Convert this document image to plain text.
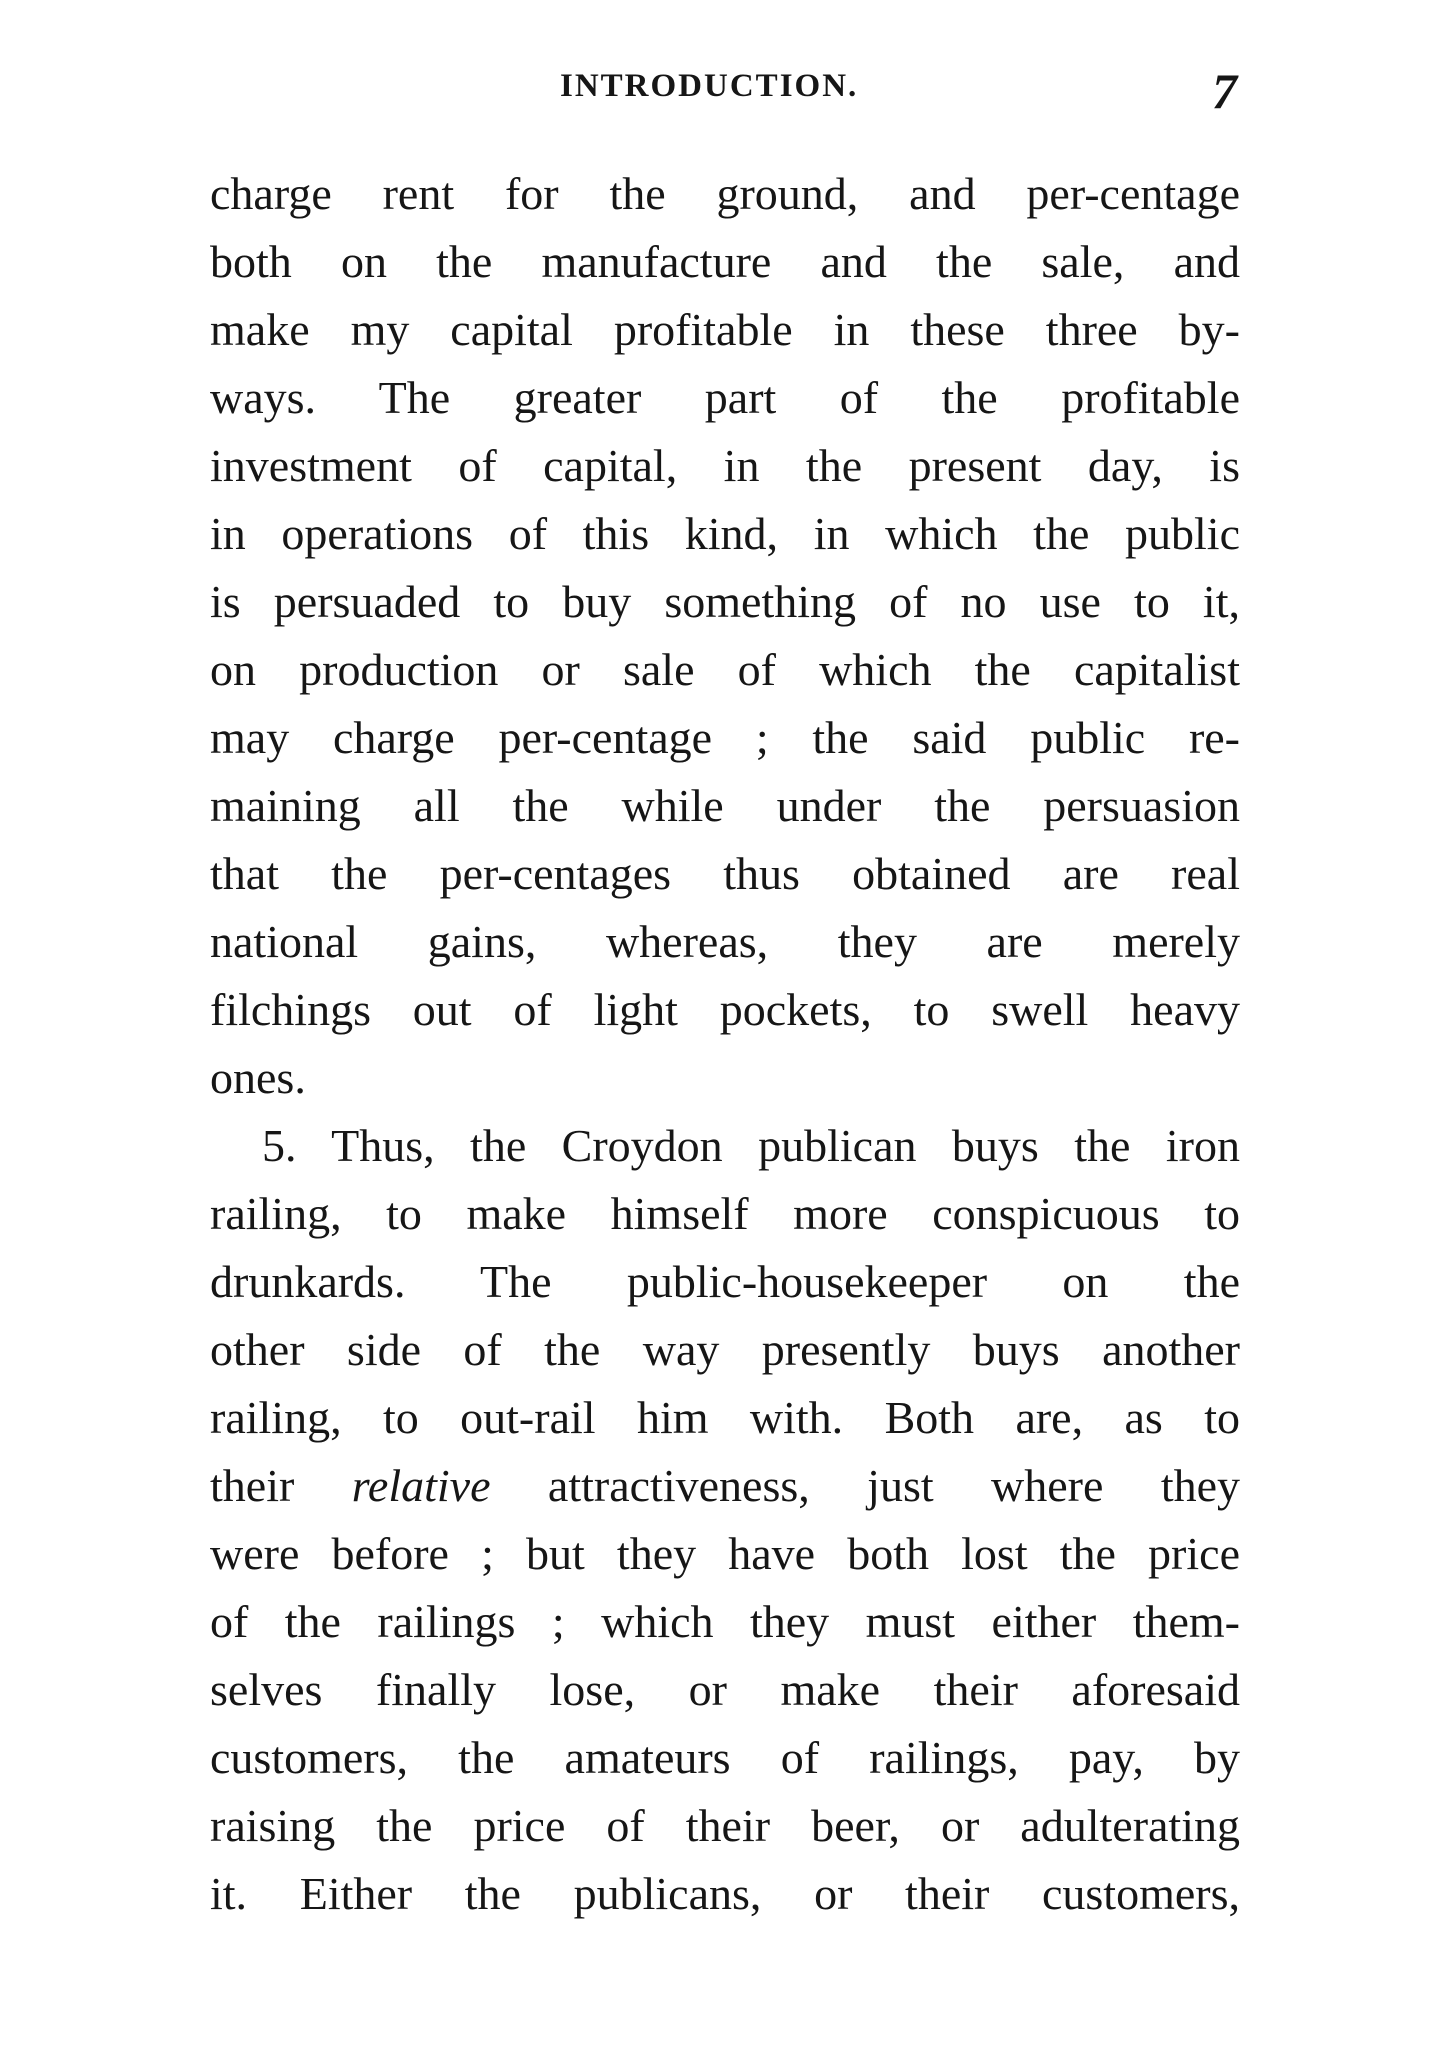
INTRODUCTION.	7
charge rent for the ground, and per-centage
both on the manufacture and the sale, and
make my capital profitable in these three by-
ways. The greater part of the profitable
investment of capital, in the present day, is
in operations of this kind, in which the public
is persuaded to buy something of no use to it,
on production or sale of which the capitalist
may charge per-centage ; the said public re-
maining all the while under the persuasion
that the per-centages thus obtained are real
national gains, whereas, they are merely
filchings out of light pockets, to swell heavy
ones.
5. Thus, the Croydon publican buys the iron
railing, to make himself more conspicuous to
drunkards. The public-housekeeper on the
other side of the way presently buys another
railing, to out-rail him with. Both are, as to
their relative attractiveness, just where they
were before ; but they have both lost the price
of the railings ; which they must either them-
selves finally lose, or make their aforesaid
customers, the amateurs of railings, pay, by
raising the price of their beer, or adulterating
it. Either the publicans, or their customers,
